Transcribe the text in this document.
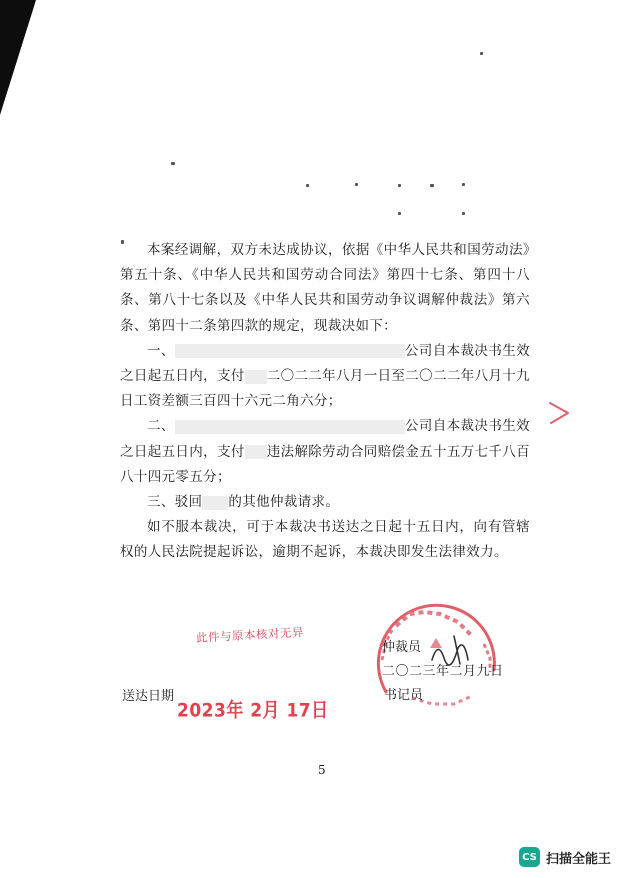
本案经调解，双方未达成协议，依据《中华人民共和国劳动法》第五十条、《中华人民共和国劳动合同法》第四十七条、第四十八条、第八十七条以及《中华人民共和国劳动争议调解仲裁法》第六条、第四十二条第四款的规定，现裁决如下：

一、	公司自本裁决书生效之日起五日内，支付 二〇二二年八月一日至二〇二二年八月十九日工资差额三百四十六元二角六分；

二、	公司自本裁决书生效之日起五日内，支付 违法解除劳动合同赔偿金五十五万七千八百八十四元零五分；

三、驳回 的其他仲裁请求。

如不服本裁决，可于本裁决书送达之日起十五日内，向有管辖权的人民法院提起诉讼，逾期不起诉，本裁决即发生法律效力。

此件与原本核对无异
仲裁员
二〇二三年二月九日
送达日期	书记员
2023年 2月 17日
5
CS 扫描全能王
